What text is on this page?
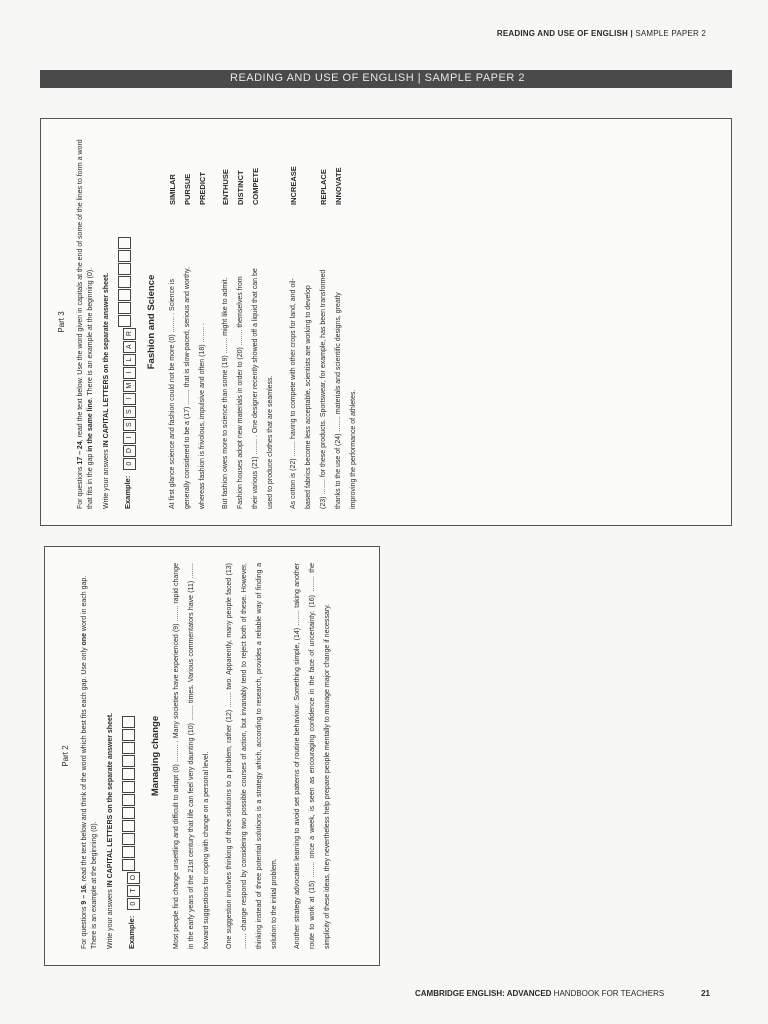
READING AND USE OF ENGLISH | SAMPLE PAPER 2
READING AND USE OF ENGLISH | SAMPLE PAPER 2
Part 2

For questions 9 – 16, read the text below and think of the word which best fits each gap. Use only one word in each gap. There is an example at the beginning (0). Write your answers IN CAPITAL LETTERS on the separate answer sheet.

Example:
0TO
Managing change	Most people find change unsettling and difficult to adapt (0) ......... . Many societies have experienced (9) ........ rapid change in the early years of the 21st century that life can feel very daunting (10) ........ times. Various commentators have (11) ........ forward suggestions for coping with change on a personal level.	One suggestion involves thinking of three solutions to a problem, rather (12) ........ two. Apparently, many people faced (13) ........ change respond by considering two possible courses of action, but invariably tend to reject both of these. However, thinking instead of three potential solutions is a strategy which, according to research, provides a reliable way of finding a solution to the initial problem.	Another strategy advocates learning to avoid set patterns of routine behaviour. Something simple, (14) ........ taking another route to work at (15) ........ once a week, is seen as encouraging confidence in the face of uncertainty. (16) ........ the simplicity of these ideas, they nevertheless help prepare people mentally to manage major change if necessary.

Part 3

For questions 17 – 24, read the text below. Use the word given in capitals at the end of some of the lines to form a word that fits in the gap in the same line. There is an example at the beginning (0).

Write your answers IN CAPITAL LETTERS on the separate answer sheet.

Example:
0DISSIMILAR	Fashion and Science	At first glance science and fashion could not be more (0) ........ . Science is	generally considered to be a (17) ........ that is slow-paced, serious and worthy,	whereas fashion is frivolous, impulsive and often (18) ........ .
SIMILAR PURSUE PREDICT
But fashion owes more to science than some (19) ........ might like to admit.	Fashion houses adopt new materials in order to (20) ........ themselves from	their various (21) ........ . One designer recently showed off a liquid that can be	used to produce clothes that are seamless.
ENTHUSE DISTINCT COMPETE
As cotton is (22) ........ having to compete with other crops for land, and oil-	based fabrics become less acceptable, scientists are working to develop	(23) ........ for these products. Sportswear, for example, has been transformed	thanks to the use of (24) ........ materials and scientific designs, greatly	improving the performance of athletes.
INCREASE	REPLACE INNOVATE
CAMBRIDGE ENGLISH: ADVANCED HANDBOOK FOR TEACHERS	21
